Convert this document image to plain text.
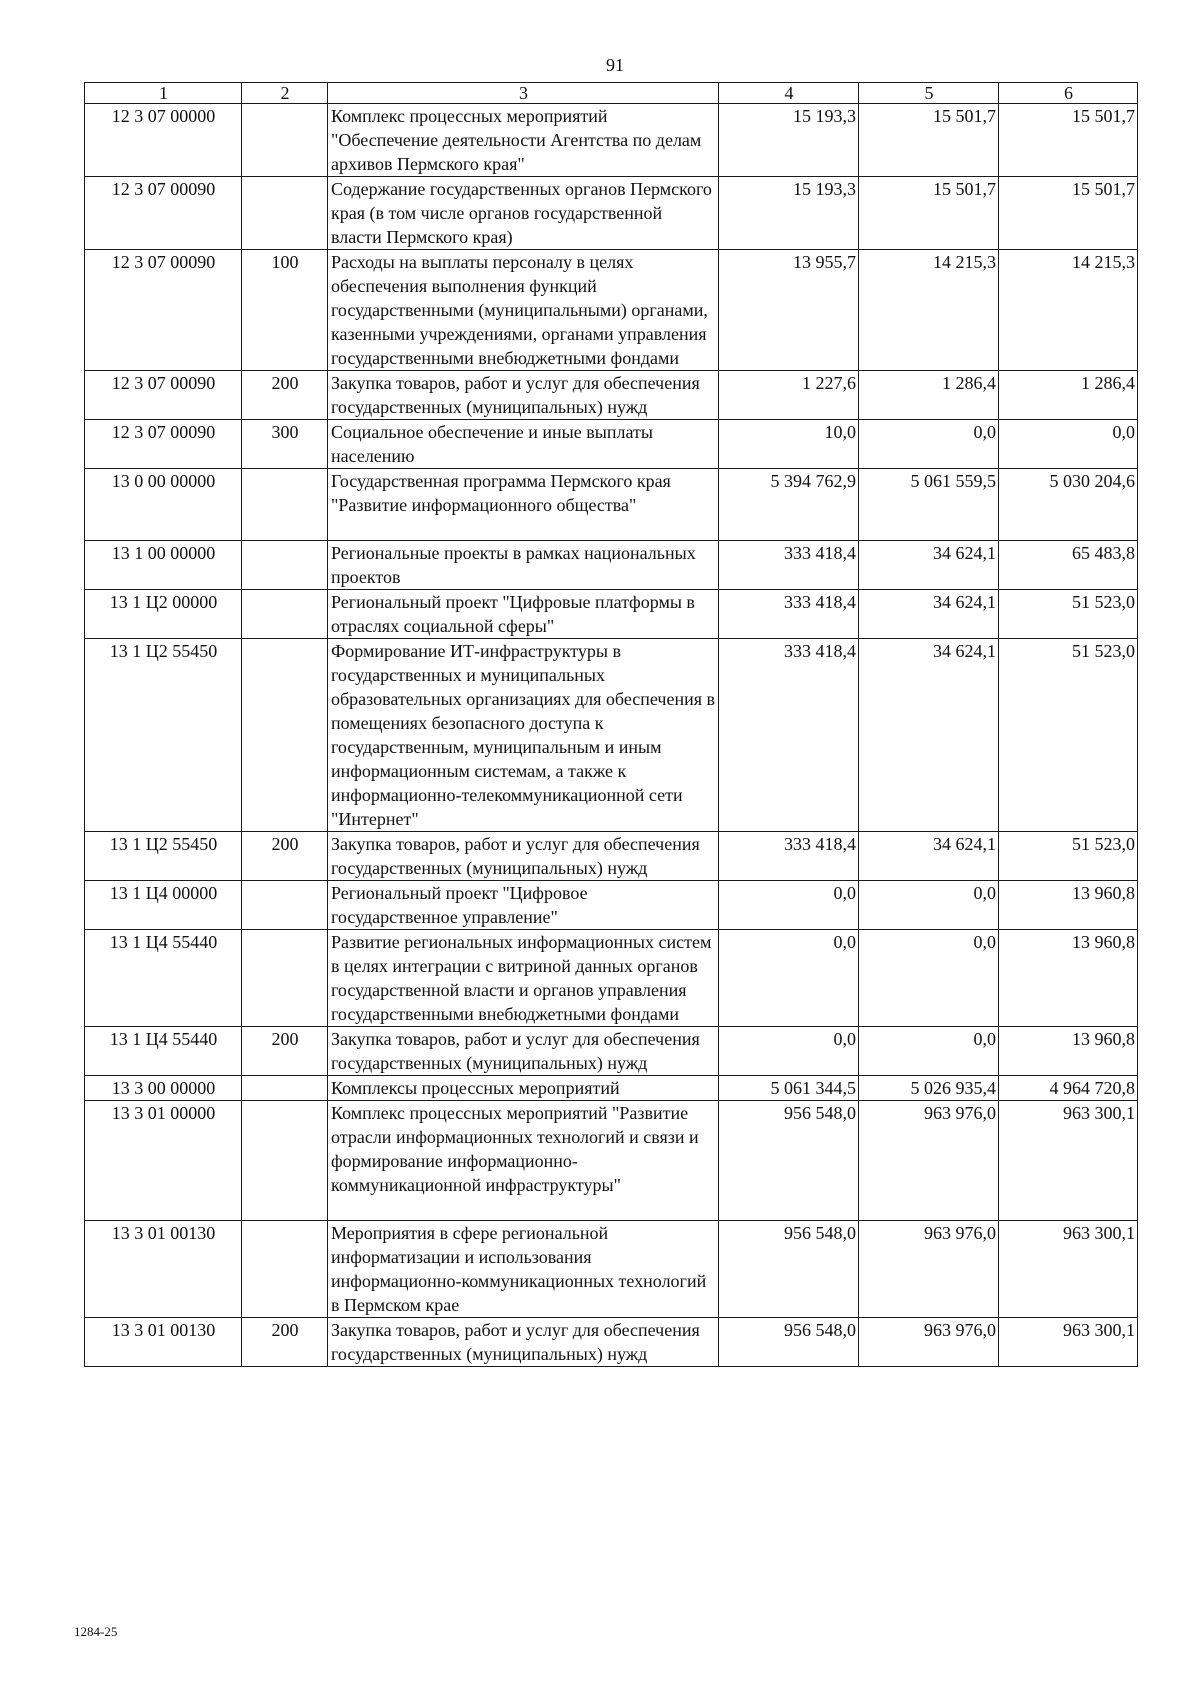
91
1	2	3	4	5	6
12 3 07 00000		Комплекс процессных мероприятий "Обеспечение деятельности Агентства по делам архивов Пермского края"	15 193,3	15 501,7	15 501,7
12 3 07 00090		Содержание государственных органов Пермского края (в том числе органов государственной власти Пермского края)	15 193,3	15 501,7	15 501,7
12 3 07 00090	100	Расходы на выплаты персоналу в целях обеспечения выполнения функций государственными (муниципальными) органами, казенными учреждениями, органами управления государственными внебюджетными фондами	13 955,7	14 215,3	14 215,3
12 3 07 00090	200	Закупка товаров, работ и услуг для обеспечения государственных (муниципальных) нужд	1 227,6	1 286,4	1 286,4
12 3 07 00090	300	Социальное обеспечение и иные выплаты населению	10,0	0,0	0,0
13 0 00 00000		Государственная программа Пермского края "Развитие информационного общества"	5 394 762,9	5 061 559,5	5 030 204,6
13 1 00 00000		Региональные проекты в рамках национальных проектов	333 418,4	34 624,1	65 483,8
13 1 Ц2 00000		Региональный проект "Цифровые платформы в отраслях социальной сферы"	333 418,4	34 624,1	51 523,0
13 1 Ц2 55450		Формирование ИТ-инфраструктуры в государственных и муниципальных образовательных организациях для обеспечения в помещениях безопасного доступа к государственным, муниципальным и иным информационным системам, а также к информационно-телекоммуникационной сети "Интернет"	333 418,4	34 624,1	51 523,0
13 1 Ц2 55450	200	Закупка товаров, работ и услуг для обеспечения государственных (муниципальных) нужд	333 418,4	34 624,1	51 523,0
13 1 Ц4 00000		Региональный проект "Цифровое государственное управление"	0,0	0,0	13 960,8
13 1 Ц4 55440		Развитие региональных информационных систем в целях интеграции с витриной данных органов государственной власти и органов управления государственными внебюджетными фондами	0,0	0,0	13 960,8
13 1 Ц4 55440	200	Закупка товаров, работ и услуг для обеспечения государственных (муниципальных) нужд	0,0	0,0	13 960,8
13 3 00 00000		Комплексы процессных мероприятий	5 061 344,5	5 026 935,4	4 964 720,8
13 3 01 00000		Комплекс процессных мероприятий "Развитие отрасли информационных технологий и связи и формирование информационно-коммуникационной инфраструктуры"	956 548,0	963 976,0	963 300,1
13 3 01 00130		Мероприятия в сфере региональной информатизации и использования информационно-коммуникационных технологий в Пермском крае	956 548,0	963 976,0	963 300,1
13 3 01 00130	200	Закупка товаров, работ и услуг для обеспечения государственных (муниципальных) нужд	956 548,0	963 976,0	963 300,1
1284-25
